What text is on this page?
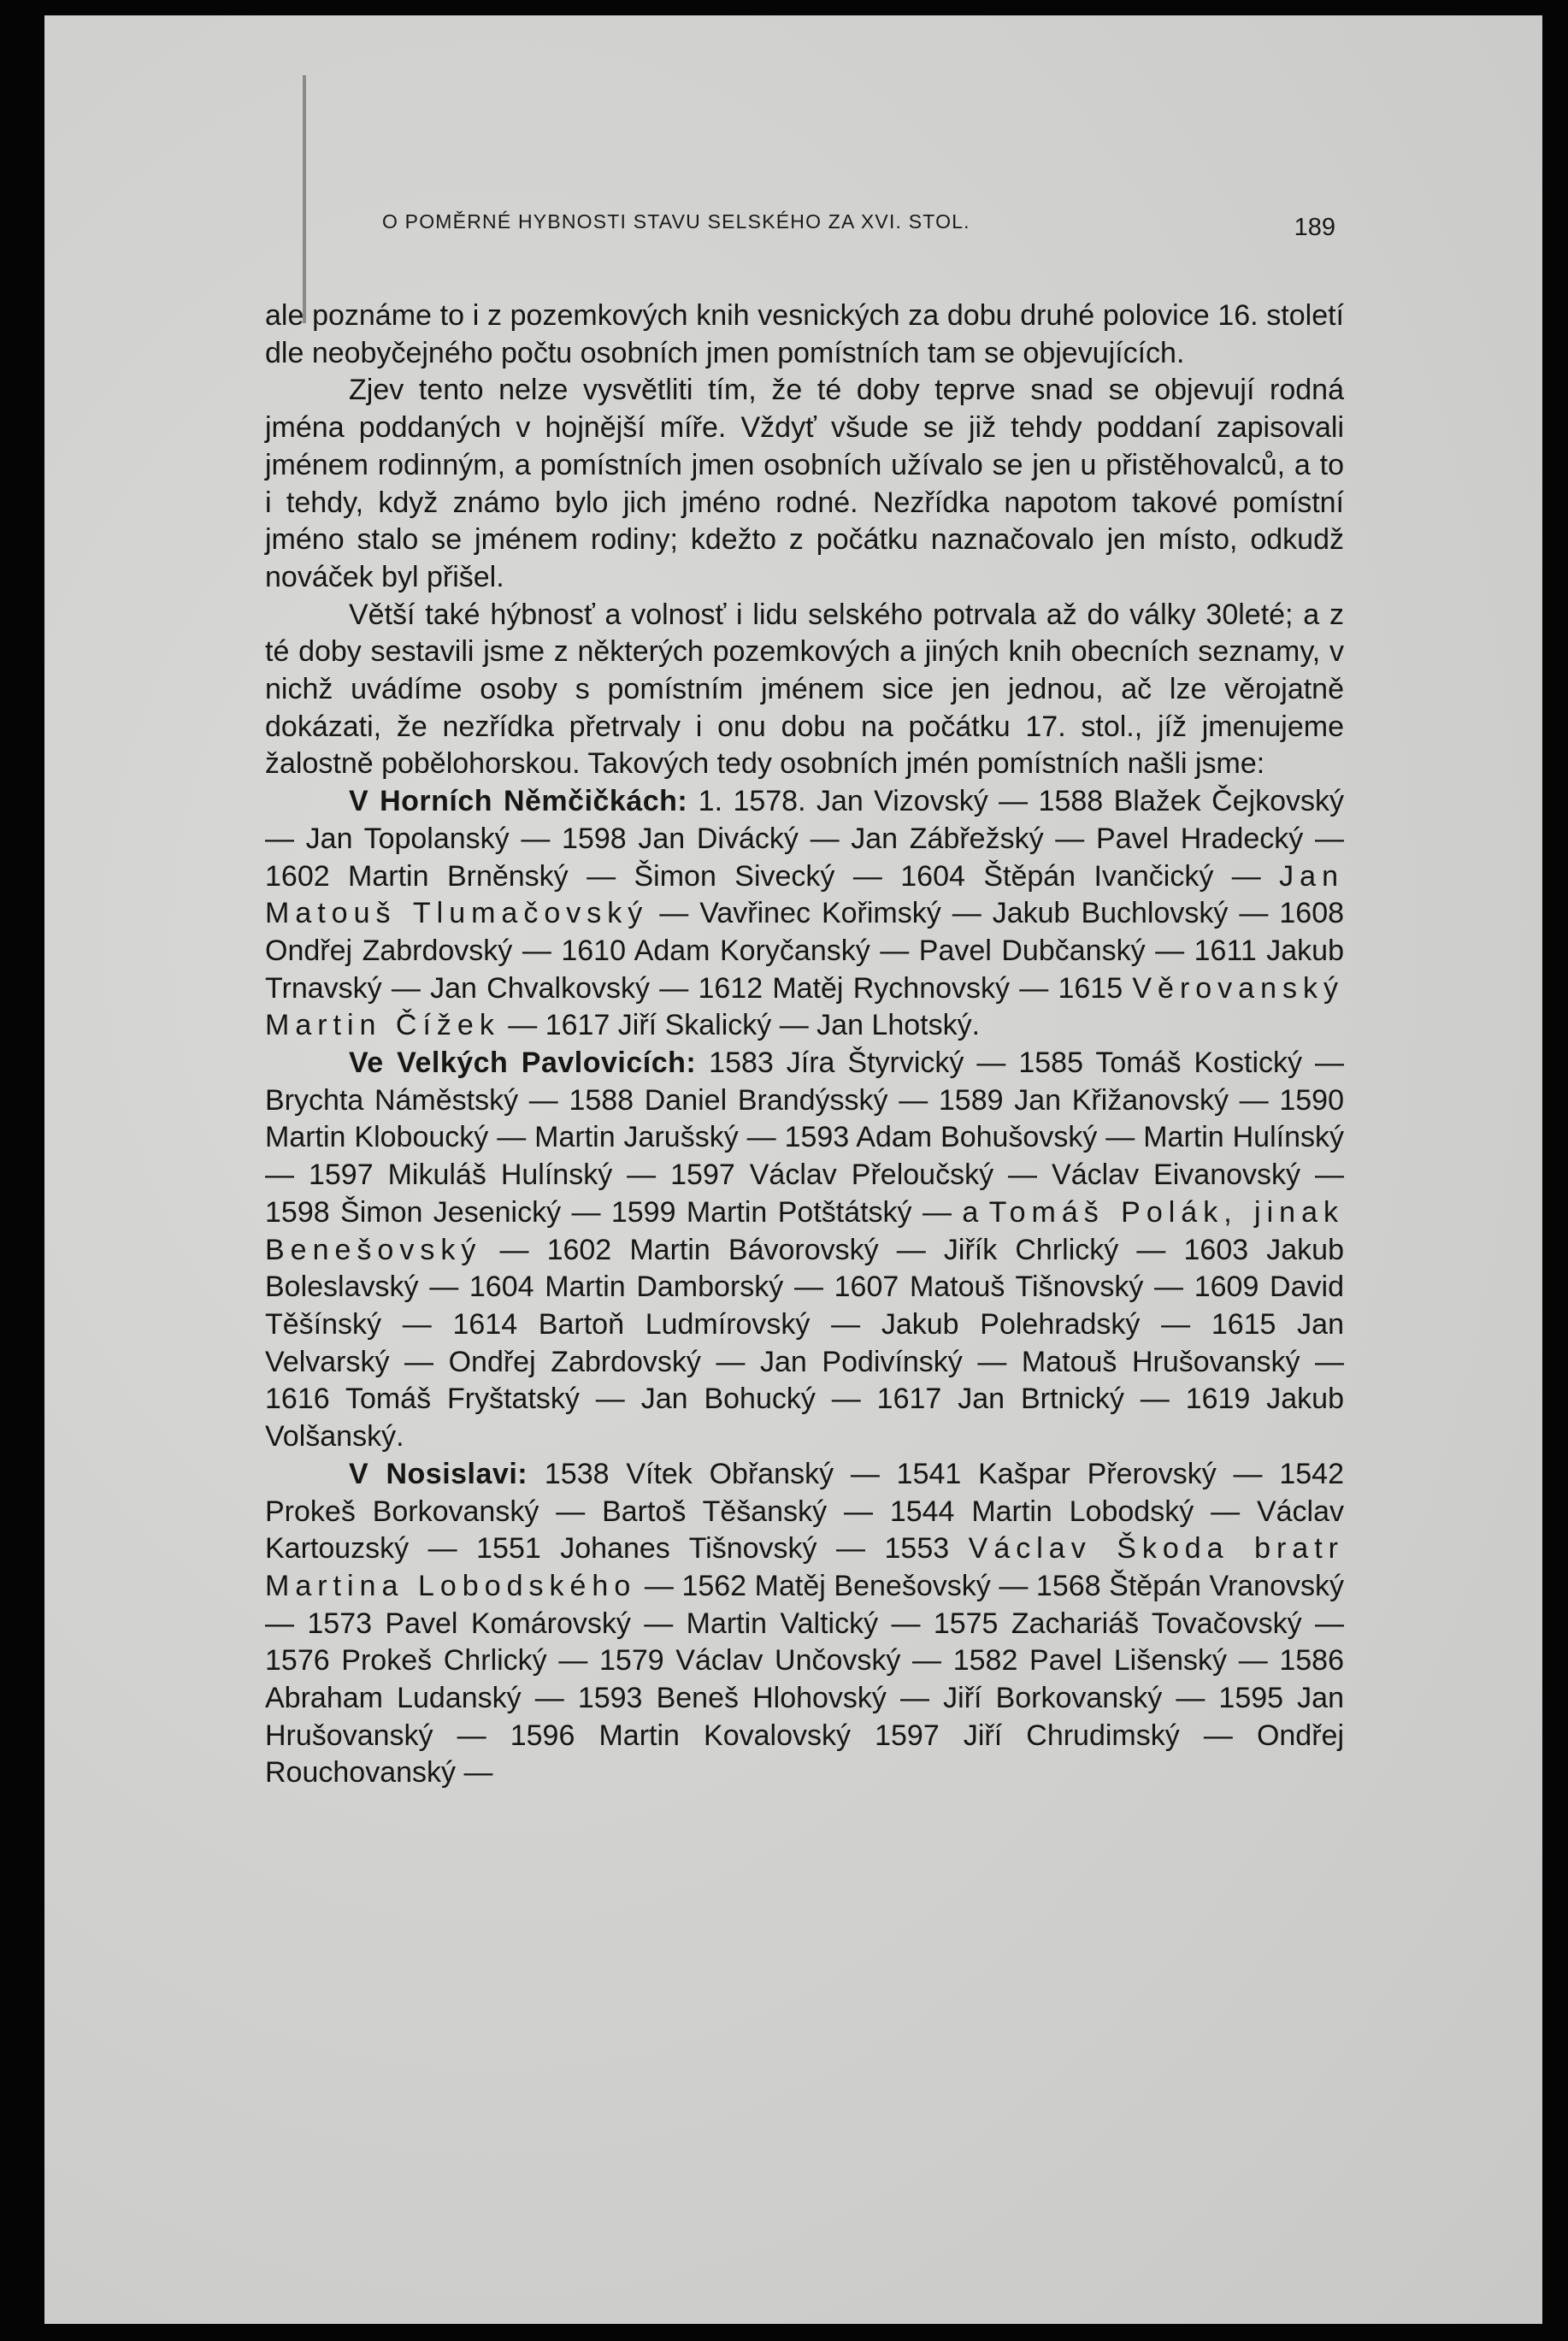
O POMĚRNÉ HYBNOSTI STAVU SELSKÉHO ZA XVI. STOL.	189

ale poznáme to i z pozemkových knih vesnických za dobu druhé polovice 16. století dle neobyčejného počtu osobních jmen pomístních tam se objevujících.

Zjev tento nelze vysvětliti tím, že té doby teprve snad se objevují rodná jména poddaných v hojnější míře. Vždyť všude se již tehdy poddaní zapisovali jménem rodinným, a pomístních jmen osobních užívalo se jen u přistěhovalců, a to i tehdy, když známo bylo jich jméno rodné. Nezřídka napotom takové pomístní jméno stalo se jménem rodiny; kdežto z počátku naznačovalo jen místo, odkudž nováček byl přišel.

Větší také hýbnosť a volnosť i lidu selského potrvala až do války 30leté; a z té doby sestavili jsme z některých pozemkových a jiných knih obecních seznamy, v nichž uvádíme osoby s pomístním jménem sice jen jednou, ač lze věrojatně dokázati, že nezřídka přetrvaly i onu dobu na počátku 17. stol., jíž jmenujeme žalostně pobělohorskou. Takových tedy osobních jmén pomístních našli jsme:

V Horních Němčičkách: 1. 1578. Jan Vizovský — 1588 Blažek Čejkovský — Jan Topolanský — 1598 Jan Divácký — Jan Zábřežský — Pavel Hradecký — 1602 Martin Brněnský — Šimon Sivecký — 1604 Štěpán Ivančický — Jan Matouš Tlumačovský — Vavřinec Kořimský — Jakub Buchlovský — 1608 Ondřej Zabrdovský — 1610 Adam Koryčanský — Pavel Dubčanský — 1611 Jakub Trnavský — Jan Chvalkovský — 1612 Matěj Rychnovský — 1615 Věrovanský Martin Čížek — 1617 Jiří Skalický — Jan Lhotský.

Ve Velkých Pavlovicích: 1583 Jíra Štyrvický — 1585 Tomáš Kostický — Brychta Náměstský — 1588 Daniel Brandýsský — 1589 Jan Křižanovský — 1590 Martin Kloboucký — Martin Jarušský — 1593 Adam Bohušovský — Martin Hulínský — 1597 Mikuláš Hulínský — 1597 Václav Přeloučský — Václav Eivanovský — 1598 Šimon Jesenický — 1599 Martin Potštátský — a Tomáš Polák, jinak Benešovský — 1602 Martin Bávorovský — Jiřík Chrlický — 1603 Jakub Boleslavský — 1604 Martin Damborský — 1607 Matouš Tišnovský — 1609 David Těšínský — 1614 Bartoň Ludmírovský — Jakub Polehradský — 1615 Jan Velvarský — Ondřej Zabrdovský — Jan Podivínský — Matouš Hrušovanský — 1616 Tomáš Fryštatský — Jan Bohucký — 1617 Jan Brtnický — 1619 Jakub Volšanský.

V Nosislavi: 1538 Vítek Obřanský — 1541 Kašpar Přerovský — 1542 Prokeš Borkovanský — Bartoš Těšanský — 1544 Martin Lobodský — Václav Kartouzský — 1551 Johanes Tišnovský — 1553 Václav Škoda bratr Martina Lobodského — 1562 Matěj Benešovský — 1568 Štěpán Vranovský — 1573 Pavel Komárovský — Martin Valtický — 1575 Zachariáš Tovačovský — 1576 Prokeš Chrlický — 1579 Václav Unčovský — 1582 Pavel Lišenský — 1586 Abraham Ludanský — 1593 Beneš Hlohovský — Jiří Borkovanský — 1595 Jan Hrušovanský — 1596 Martin Kovalovský 1597 Jiří Chrudimský — Ondřej Rouchovanský —
